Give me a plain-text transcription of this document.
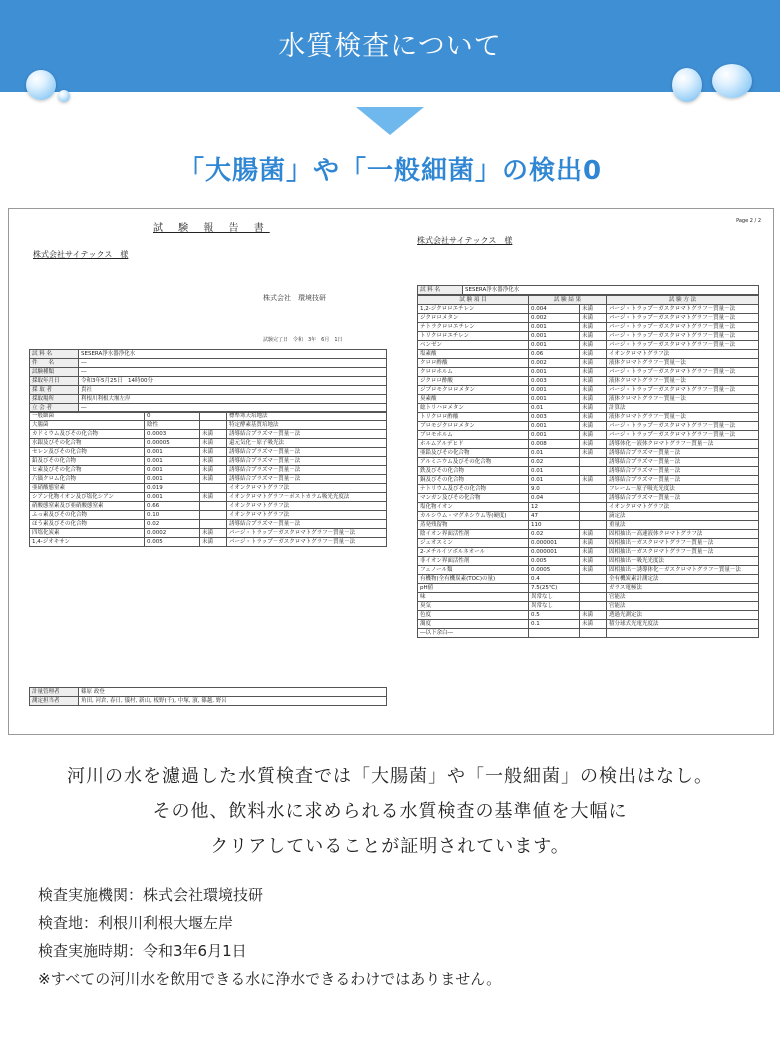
水質検査について
「大腸菌」や「一般細菌」の検出0
試 験 報 告 書
株式会社サイテックス　様
株式会社　環境技研
試験完了日　令和　3年　6月　1日
試 料 名	SESERA浄水器浄化水
件　　名	―
試験種類	―
採取年月日	令和3年5月25日　14時00分
採 取 者	貴社
採取場所	利根川利根大堰左岸
立 会 者	―
一般細菌	0		標準寒天培地法
大腸菌	陰性		特定酵素基質培地法
カドミウム及びその化合物	0.0003	未満	誘導結合プラズマ－質量－法
水銀及びその化合物	0.00005	未満	還元気化－原子吸光法
セレン及びその化合物	0.001	未満	誘導結合プラズマ－質量－法
鉛及びその化合物	0.001	未満	誘導結合プラズマ－質量－法
ヒ素及びその化合物	0.001	未満	誘導結合プラズマ－質量－法
六価クロム化合物	0.001	未満	誘導結合プラズマ－質量－法
亜硝酸態窒素	0.019		イオンクロマトグラフ法
シアン化物イオン及び塩化シアン	0.001	未満	イオンクロマトグラフ－ポストカラム吸光光度法
硝酸態窒素及び亜硝酸態窒素	0.66		イオンクロマトグラフ法
ふっ素及びその化合物	0.10		イオンクロマトグラフ法
ほう素及びその化合物	0.02		誘導結合プラズマ－質量－法
四塩化炭素	0.0002	未満	パージ・トラップ－ガスクロマトグラフ－質量－法
1,4-ジオキサン	0.005	未満	パージ・トラップ－ガスクロマトグラフ－質量－法
計量管理者	篠原 政登
測定担当者	角田, 河倉, 春日, 儀村, 新山, 板野(千), 中塚, 濱, 篠越, 野呂
Page 2 / 2
株式会社サイテックス　様
試 料 名	SESERA浄水器浄化水
試 験 項 目	試 験 結 果		試 験 方 法
1,2-ジクロロエチレン	0.004	未満	パージ・トラップ－ガスクロマトグラフ－質量－法
ジクロロメタン	0.002	未満	パージ・トラップ－ガスクロマトグラフ－質量－法
テトラクロロエチレン	0.001	未満	パージ・トラップ－ガスクロマトグラフ－質量－法
トリクロロエチレン	0.001	未満	パージ・トラップ－ガスクロマトグラフ－質量－法
ベンゼン	0.001	未満	パージ・トラップ－ガスクロマトグラフ－質量－法
塩素酸	0.06	未満	イオンクロマトグラフ法
クロロ酢酸	0.002	未満	液体クロマトグラフ－質量－法
クロロホルム	0.001	未満	パージ・トラップ－ガスクロマトグラフ－質量－法
ジクロロ酢酸	0.003	未満	液体クロマトグラフ－質量－法
ジブロモクロロメタン	0.001	未満	パージ・トラップ－ガスクロマトグラフ－質量－法
臭素酸	0.001	未満	液体クロマトグラフ－質量－法
総トリハロメタン	0.01	未満	計算法
トリクロロ酢酸	0.003	未満	液体クロマトグラフ－質量－法
ブロモジクロロメタン	0.001	未満	パージ・トラップ－ガスクロマトグラフ－質量－法
ブロモホルム	0.001	未満	パージ・トラップ－ガスクロマトグラフ－質量－法
ホルムアルデヒド	0.008	未満	誘導体化－液体クロマトグラフ－質量－法
亜鉛及びその化合物	0.01	未満	誘導結合プラズマ－質量－法
アルミニウム及びその化合物	0.02		誘導結合プラズマ－質量－法
鉄及びその化合物	0.01		誘導結合プラズマ－質量－法
銅及びその化合物	0.01	未満	誘導結合プラズマ－質量－法
ナトリウム及びその化合物	9.0		フレーム－原子吸光光度法
マンガン及びその化合物	0.04		誘導結合プラズマ－質量－法
塩化物イオン	12		イオンクロマトグラフ法
カルシウム・マグネシウム等(硬度)	47		滴定法
蒸発残留物	110		重量法
陰イオン界面活性剤	0.02	未満	固相抽出－高速液体クロマトグラフ法
ジェオスミン	0.000001	未満	固相抽出－ガスクロマトグラフ－質量－法
2-メチルイソボルネオール	0.000001	未満	固相抽出－ガスクロマトグラフ－質量－法
非イオン界面活性剤	0.005	未満	固相抽出－吸光光度法
フェノール類	0.0005	未満	固相抽出－誘導体化－ガスクロマトグラフ－質量－法
有機物(全有機炭素(TOC)の量)	0.4		全有機炭素計測定法
pH値	7.5(25℃)		ガラス電極法
味	異常なし		官能法
臭気	異常なし		官能法
色度	0.5	未満	透過光測定法
濁度	0.1	未満	積分球式光電光度法
―以下余白―			
河川の水を濾過した水質検査では「大腸菌」や「一般細菌」の検出はなし。
その他、飲料水に求められる水質検査の基準値を大幅に
クリアしていることが証明されています。
検査実施機関：株式会社環境技研
検査地：利根川利根大堰左岸
検査実施時期：令和3年6月1日
※すべての河川水を飲用できる水に浄水できるわけではありません。
